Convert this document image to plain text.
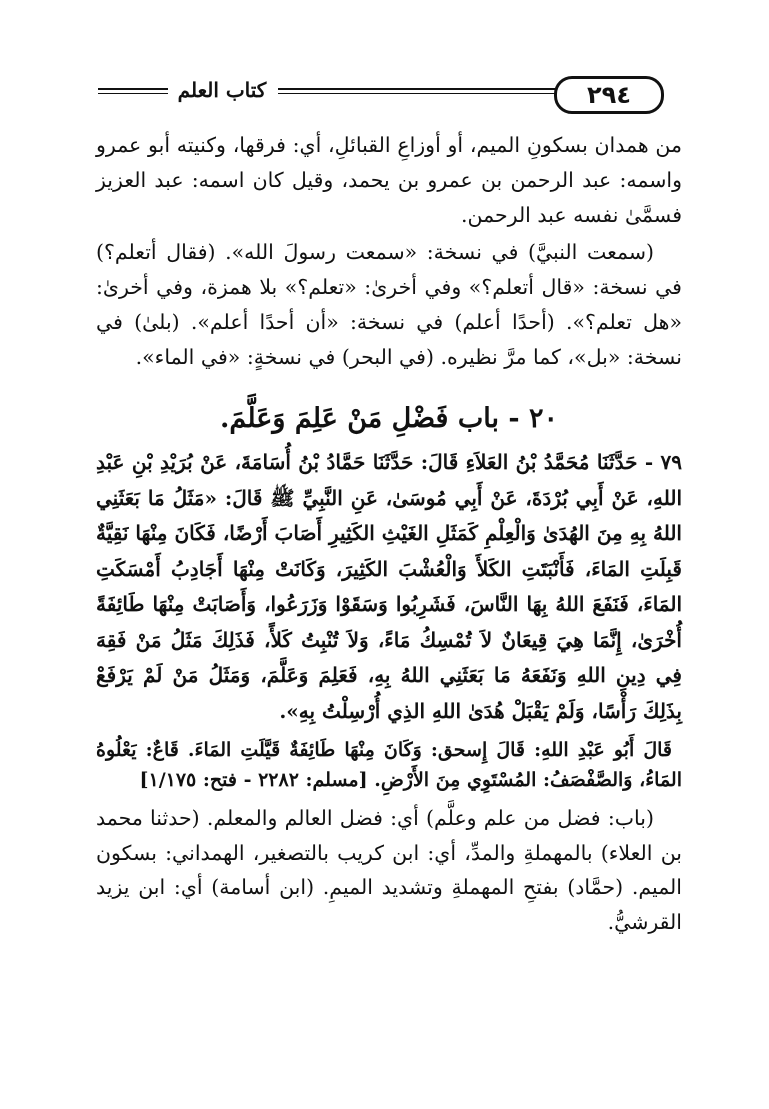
كتاب العلم	٢٩٤

من همدان بسكونِ الميم، أو أوزاعِ القبائلِ، أي: فرقها، وكنيته أبو عمرو واسمه: عبد الرحمن بن عمرو بن يحمد، وقيل كان اسمه: عبد العزيز فسمَّىٰ نفسه عبد الرحمن.

(سمعت النبيَّ) في نسخة: «سمعت رسولَ الله». (فقال أتعلم؟) في نسخة: «قال أتعلم؟» وفي أخرىٰ: «تعلم؟» بلا همزة، وفي أخرىٰ: «هل تعلم؟». (أحدًا أعلم) في نسخة: «أن أحدًا أعلم». (بلىٰ) في نسخة: «بل»، كما مرَّ نظيره. (في البحر) في نسخةٍ: «في الماء».

٢٠ - باب فَضْلِ مَنْ عَلِمَ وَعَلَّمَ.

٧٩ - حَدَّثَنَا مُحَمَّدُ بْنُ العَلاَءِ قَالَ: حَدَّثَنَا حَمَّادُ بْنُ أُسَامَةَ، عَنْ بُرَيْدِ بْنِ عَبْدِ اللهِ، عَنْ أَبِي بُرْدَةَ، عَنْ أَبِي مُوسَىٰ، عَنِ النَّبِيِّ ﷺ قَالَ: «مَثَلُ مَا بَعَثَنِي اللهُ بِهِ مِنَ الهُدَىٰ وَالْعِلْمِ كَمَثَلِ الغَيْثِ الكَثِيرِ أَصَابَ أَرْضًا، فَكَانَ مِنْهَا نَقِيَّةٌ قَبِلَتِ المَاءَ، فَأَنْبَتَتِ الكَلأَ وَالْعُشْبَ الكَثِيرَ، وَكَانَتْ مِنْهَا أَجَادِبُ أَمْسَكَتِ المَاءَ، فَنَفَعَ اللهُ بِهَا النَّاسَ، فَشَرِبُوا وَسَقَوْا وَزَرَعُوا، وَأَصَابَتْ مِنْهَا طَائِفَةً أُخْرَىٰ، إِنَّمَا هِيَ قِيعَانٌ لاَ تُمْسِكُ مَاءً، وَلاَ تُنْبِتُ كَلأً، فَذَلِكَ مَثَلُ مَنْ فَقِهَ فِي دِينِ اللهِ وَنَفَعَهُ مَا بَعَثَنِي اللهُ بِهِ، فَعَلِمَ وَعَلَّمَ، وَمَثَلُ مَنْ لَمْ يَرْفَعْ بِذَلِكَ رَأْسًا، وَلَمْ يَقْبَلْ هُدَىٰ اللهِ الذِي أُرْسِلْتُ بِهِ».

قَالَ أَبُو عَبْدِ اللهِ: قَالَ إِسحق: وَكَانَ مِنْهَا طَائِفَةٌ قَيَّلَتِ المَاءَ. قَاعٌ: يَعْلُوهُ المَاءُ، وَالصَّفْصَفُ: المُسْتَوِي مِنَ الأَرْضِ. [مسلم: ٢٢٨٢ - فتح: ١/١٧٥]

(باب: فضل من علم وعلَّم) أي: فضل العالم والمعلم. (حدثنا محمد بن العلاء) بالمهملةِ والمدِّ، أي: ابن كريب بالتصغير، الهمداني: بسكون الميم. (حمَّاد) بفتحِ المهملةِ وتشديد الميمِ. (ابن أسامة) أي: ابن يزيد القرشيُّ.
